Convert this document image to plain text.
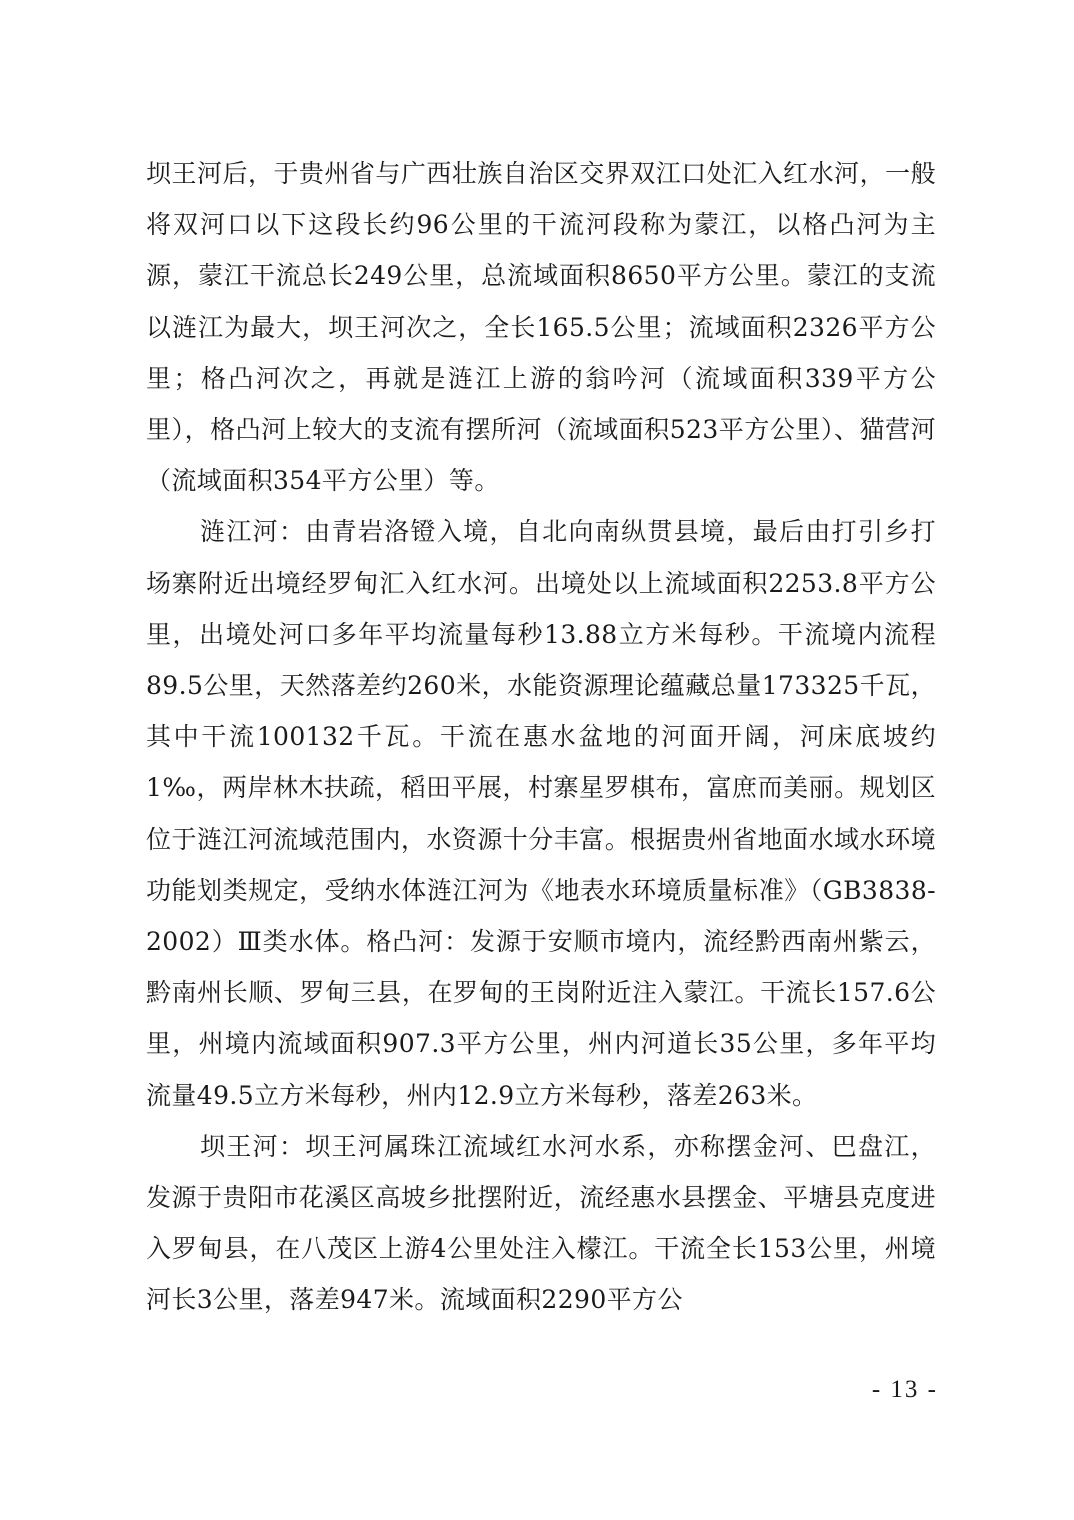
坝王河后，于贵州省与广西壮族自治区交界双江口处汇入红水河，一般将双河口以下这段长约96公里的干流河段称为蒙江，以格凸河为主源，蒙江干流总长249公里，总流域面积8650平方公里。蒙江的支流以涟江为最大，坝王河次之，全长165.5公里；流域面积2326平方公里；格凸河次之，再就是涟江上游的翁吟河（流域面积339平方公里），格凸河上较大的支流有摆所河（流域面积523平方公里）、猫营河（流域面积354平方公里）等。

涟江河：由青岩洛镫入境，自北向南纵贯县境，最后由打引乡打场寨附近出境经罗甸汇入红水河。出境处以上流域面积2253.8平方公里，出境处河口多年平均流量每秒13.88立方米每秒。干流境内流程89.5公里，天然落差约260米，水能资源理论蕴藏总量173325千瓦，其中干流100132千瓦。干流在惠水盆地的河面开阔，河床底坡约1‰，两岸林木扶疏，稻田平展，村寨星罗棋布，富庶而美丽。规划区位于涟江河流域范围内，水资源十分丰富。根据贵州省地面水域水环境功能划类规定，受纳水体涟江河为《地表水环境质量标准》（GB3838-2002）Ⅲ类水体。格凸河：发源于安顺市境内，流经黔西南州紫云，黔南州长顺、罗甸三县，在罗甸的王岗附近注入蒙江。干流长157.6公里，州境内流域面积907.3平方公里，州内河道长35公里，多年平均流量49.5立方米每秒，州内12.9立方米每秒，落差263米。

坝王河：坝王河属珠江流域红水河水系，亦称摆金河、巴盘江，发源于贵阳市花溪区高坡乡批摆附近，流经惠水县摆金、平塘县克度进入罗甸县，在八茂区上游4公里处注入檬江。干流全长153公里，州境河长3公里，落差947米。流域面积2290平方公

- 13 -
